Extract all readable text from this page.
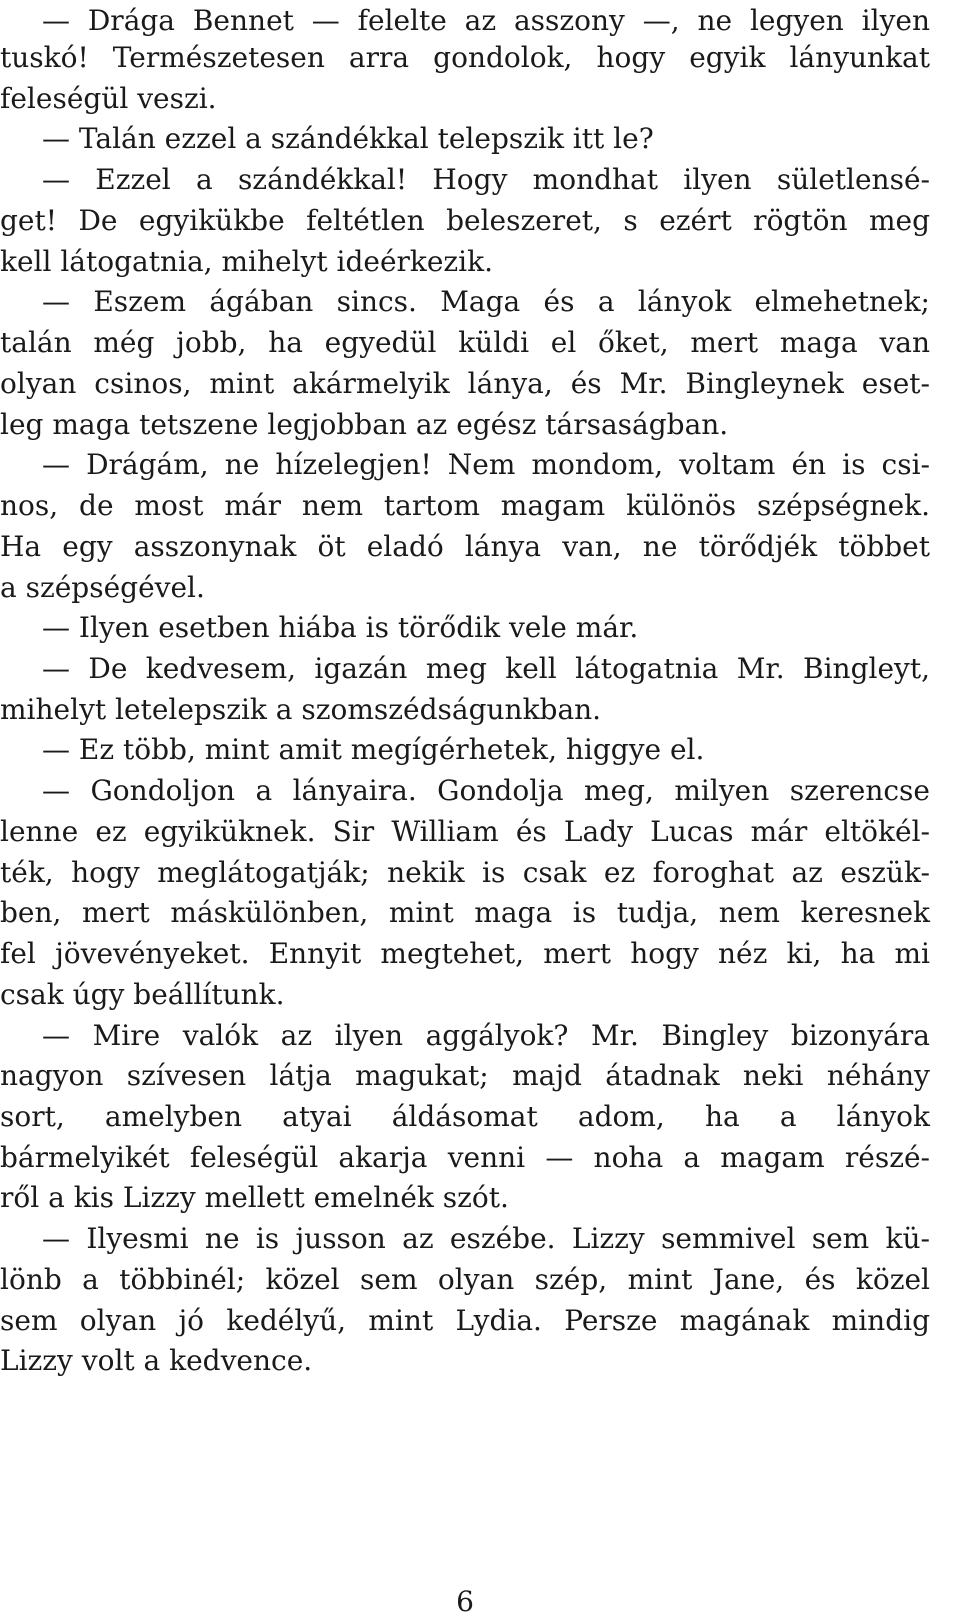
— Drága Bennet — felelte az asszony —, ne legyen ilyen
tuskó! Természetesen arra gondolok, hogy egyik lányunkat
feleségül veszi.
— Talán ezzel a szándékkal telepszik itt le?
— Ezzel a szándékkal! Hogy mondhat ilyen sületlensé-
get! De egyikükbe feltétlen beleszeret, s ezért rögtön meg
kell látogatnia, mihelyt ideérkezik.
— Eszem ágában sincs. Maga és a lányok elmehetnek;
talán még jobb, ha egyedül küldi el őket, mert maga van
olyan csinos, mint akármelyik lánya, és Mr. Bingleynek eset-
leg maga tetszene legjobban az egész társaságban.
— Drágám, ne hízelegjen! Nem mondom, voltam én is csi-
nos, de most már nem tartom magam különös szépségnek.
Ha egy asszonynak öt eladó lánya van, ne törődjék többet
a szépségével.
— Ilyen esetben hiába is törődik vele már.
— De kedvesem, igazán meg kell látogatnia Mr. Bingleyt,
mihelyt letelepszik a szomszédságunkban.
— Ez több, mint amit megígérhetek, higgye el.
— Gondoljon a lányaira. Gondolja meg, milyen szerencse
lenne ez egyiküknek. Sir William és Lady Lucas már eltökél-
ték, hogy meglátogatják; nekik is csak ez foroghat az eszük-
ben, mert máskülönben, mint maga is tudja, nem keresnek
fel jövevényeket. Ennyit megtehet, mert hogy néz ki, ha mi
csak úgy beállítunk.
— Mire valók az ilyen aggályok? Mr. Bingley bizonyára
nagyon szívesen látja magukat; majd átadnak neki néhány
sort, amelyben atyai áldásomat adom, ha a lányok
bármelyikét feleségül akarja venni — noha a magam részé-
ről a kis Lizzy mellett emelnék szót.
— Ilyesmi ne is jusson az eszébe. Lizzy semmivel sem kü-
lönb a többinél; közel sem olyan szép, mint Jane, és közel
sem olyan jó kedélyű, mint Lydia. Persze magának mindig
Lizzy volt a kedvence.
6
